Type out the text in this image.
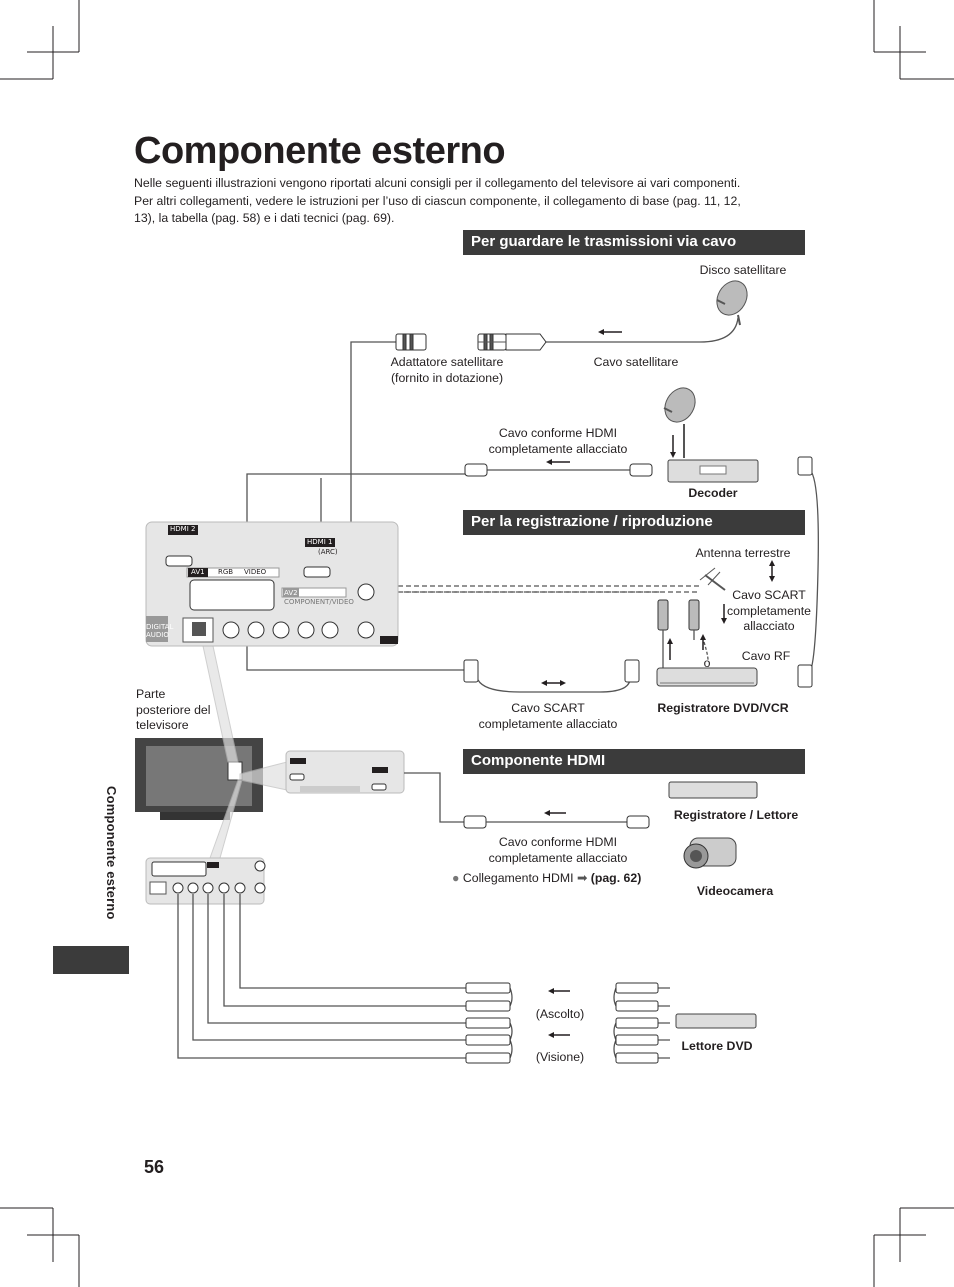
Componente esterno
Nelle seguenti illustrazioni vengono riportati alcuni consigli per il collegamento del televisore ai vari componenti.
Per altri collegamenti, vedere le istruzioni per l’uso di ciascun componente, il collegamento di base (pag. 11, 12,
13), la tabella (pag. 58) e i dati tecnici (pag. 69).
Per guardare le trasmissioni via cavo
Per la registrazione / riproduzione
Componente HDMI
Disco satellitare
Adattatore satellitare
(fornito in dotazione)
Cavo satellitare
Cavo conforme HDMI
completamente allacciato
Decoder
Antenna terrestre
Cavo SCART
completamente
allacciato
Cavo RF
o
Cavo SCART
completamente allacciato
Registratore DVD/VCR
Parte
posteriore del
televisore
Registratore / Lettore
Videocamera
Cavo conforme HDMI
completamente allacciato
● Collegamento HDMI ➡ (pag. 62)
(Ascolto)
(Visione)
Lettore DVD
HDMI 2
HDMI 1
(ARC)
AV1 RGB VIDEO
AV2
COMPONENT/VIDEO
DIGITAL AUDIO
Componente esterno
56
